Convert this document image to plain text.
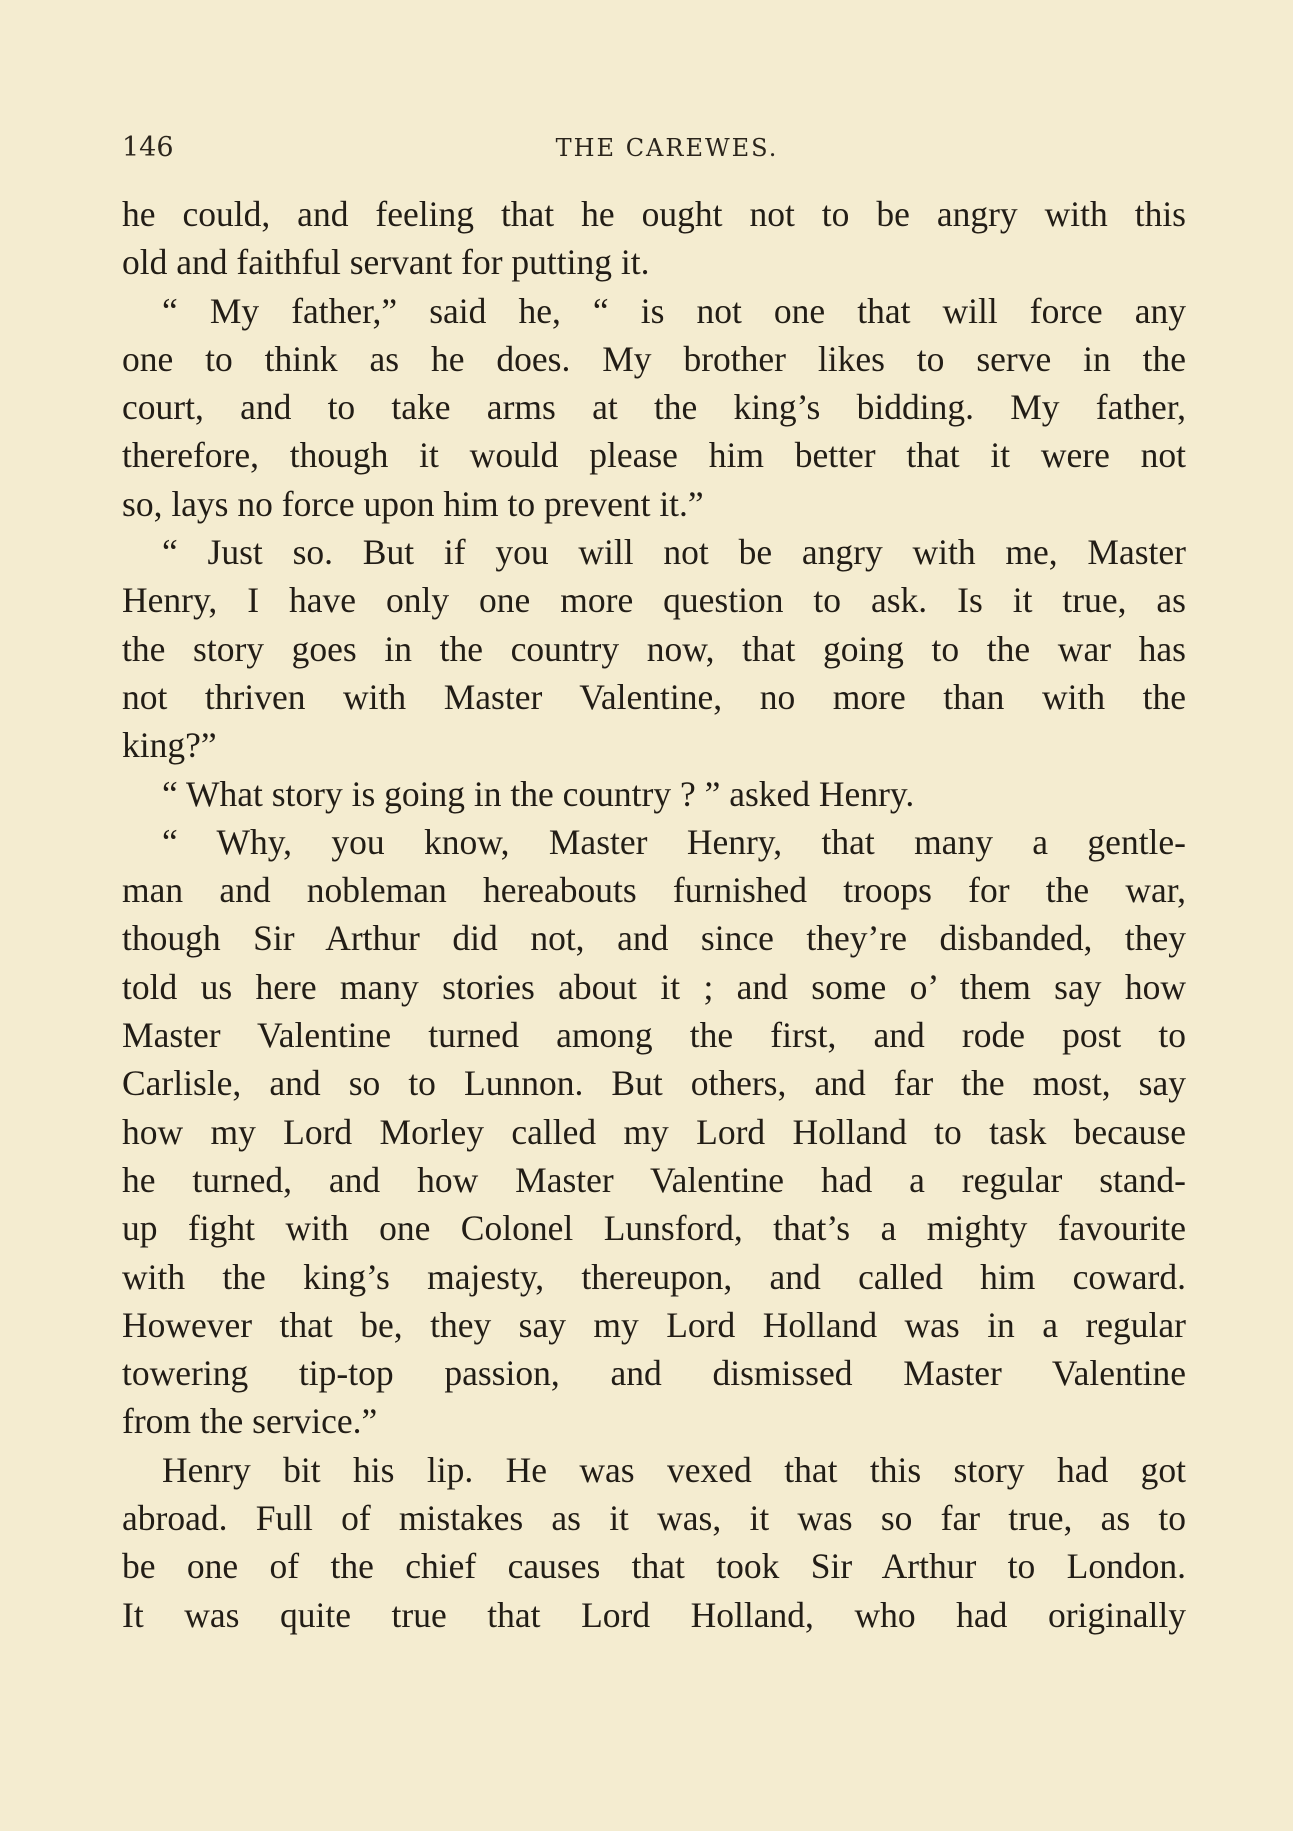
146	THE CAREWES.
he could, and feeling that he ought not to be angry with this
old and faithful servant for putting it.
“ My father,” said he, “ is not one that will force any
one to think as he does. My brother likes to serve in the
court, and to take arms at the king’s bidding. My father,
therefore, though it would please him better that it were not
so, lays no force upon him to prevent it.”
“ Just so. But if you will not be angry with me, Master
Henry, I have only one more question to ask. Is it true, as
the story goes in the country now, that going to the war has
not thriven with Master Valentine, no more than with the
king?”
“ What story is going in the country ? ” asked Henry.
“ Why, you know, Master Henry, that many a gentle-
man and nobleman hereabouts furnished troops for the war,
though Sir Arthur did not, and since they’re disbanded, they
told us here many stories about it ; and some o’ them say how
Master Valentine turned among the first, and rode post to
Carlisle, and so to Lunnon. But others, and far the most, say
how my Lord Morley called my Lord Holland to task because
he turned, and how Master Valentine had a regular stand-
up fight with one Colonel Lunsford, that’s a mighty favourite
with the king’s majesty, thereupon, and called him coward.
However that be, they say my Lord Holland was in a regular
towering tip-top passion, and dismissed Master Valentine
from the service.”
Henry bit his lip. He was vexed that this story had got
abroad. Full of mistakes as it was, it was so far true, as to
be one of the chief causes that took Sir Arthur to London.
It was quite true that Lord Holland, who had originally
